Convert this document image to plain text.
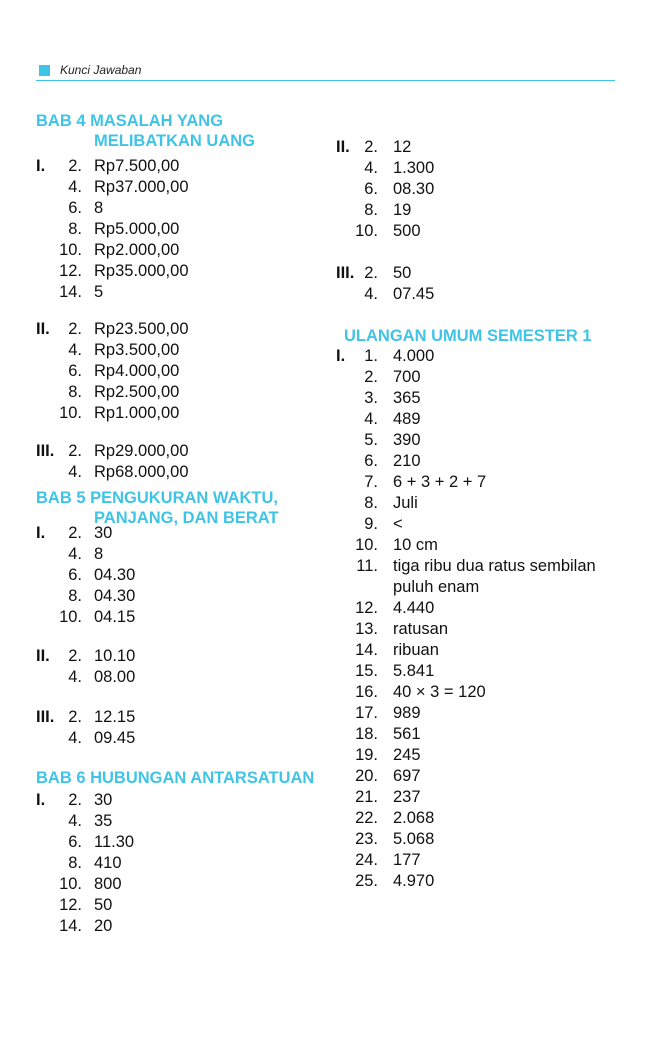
Kunci Jawaban
BAB 4 MASALAH YANG
MELIBATKAN UANG
I.	2. Rp7.500,00
4. Rp37.000,00
6. 8
8. Rp5.000,00
10. Rp2.000,00
12. Rp35.000,00
14. 5
II.	2. Rp23.500,00
4. Rp3.500,00
6. Rp4.000,00
8. Rp2.500,00
10. Rp1.000,00
III. 2. Rp29.000,00
4. Rp68.000,00
BAB 5 PENGUKURAN WAKTU,
PANJANG, DAN BERAT
I.	2. 30
4. 8
6. 04.30
8. 04.30
10. 04.15
II.	2. 10.10
4. 08.00
III. 2. 12.15
4. 09.45
BAB 6 HUBUNGAN ANTARSATUAN
I.	2. 30
4. 35
6. 11.30
8. 410
10. 800
12. 50
14. 20
II. 2. 12
4. 1.300
6. 08.30
8. 19
10. 500
III. 2. 50
4. 07.45
ULANGAN UMUM SEMESTER 1
I.	1. 4.000
2. 700
3. 365
4. 489
5. 390
6. 210
7. 6 + 3 + 2 + 7
8. Juli
9. <
10. 10 cm
11. tiga ribu dua ratus sembilan puluh enam
12. 4.440
13. ratusan
14. ribuan
15. 5.841
16. 40 × 3 = 120
17. 989
18. 561
19. 245
20. 697
21. 237
22. 2.068
23. 5.068
24. 177
25. 4.970
